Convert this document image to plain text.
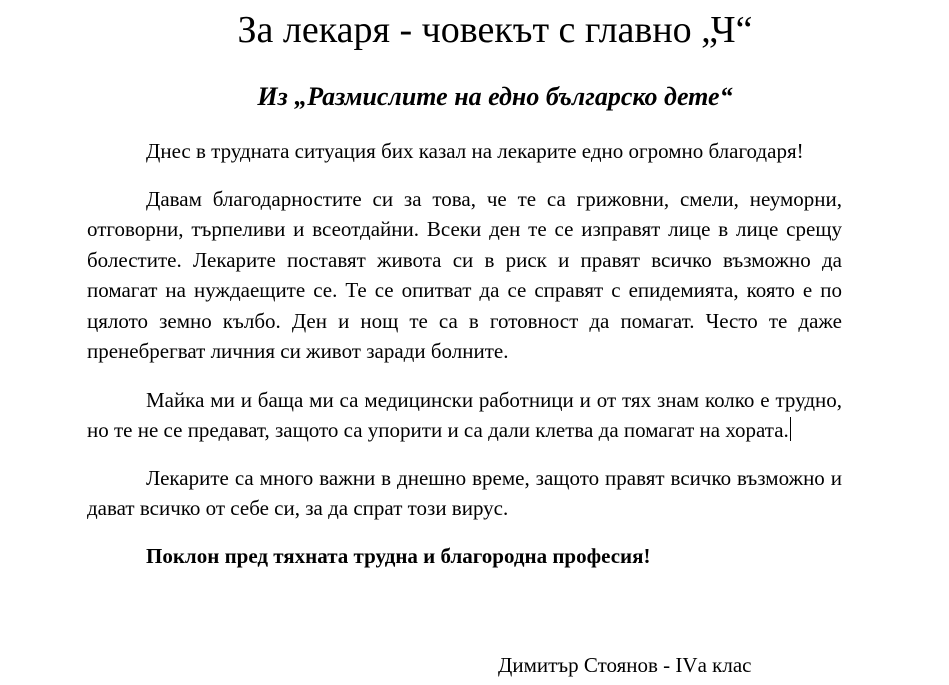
За лекаря - човекът с главно „Ч“
Из „Размислите на едно българско дете“

Днес в трудната ситуация бих казал на лекарите едно огромно благодаря!

Давам благодарностите си за това, че те са грижовни, смели, неуморни, отговорни, търпеливи и всеотдайни. Всеки ден те се изправят лице в лице срещу болестите. Лекарите поставят живота си в риск и правят всичко възможно да помагат на нуждаещите се. Те се опитват да се справят с епидемията, която е по цялото земно кълбо. Ден и нощ те са в готовност да помагат. Често те даже пренебрегват личния си живот заради болните.

Майка ми и баща ми са медицински работници и от тях знам колко е трудно, но те не се предават, защото са упорити и са дали клетва да помагат на хората.

Лекарите са много важни в днешно време, защото правят всичко възможно и дават всичко от себе си, за да спрат този вирус.

Поклон пред тяхната трудна и благородна професия!

Димитър Стоянов - IVа клас
